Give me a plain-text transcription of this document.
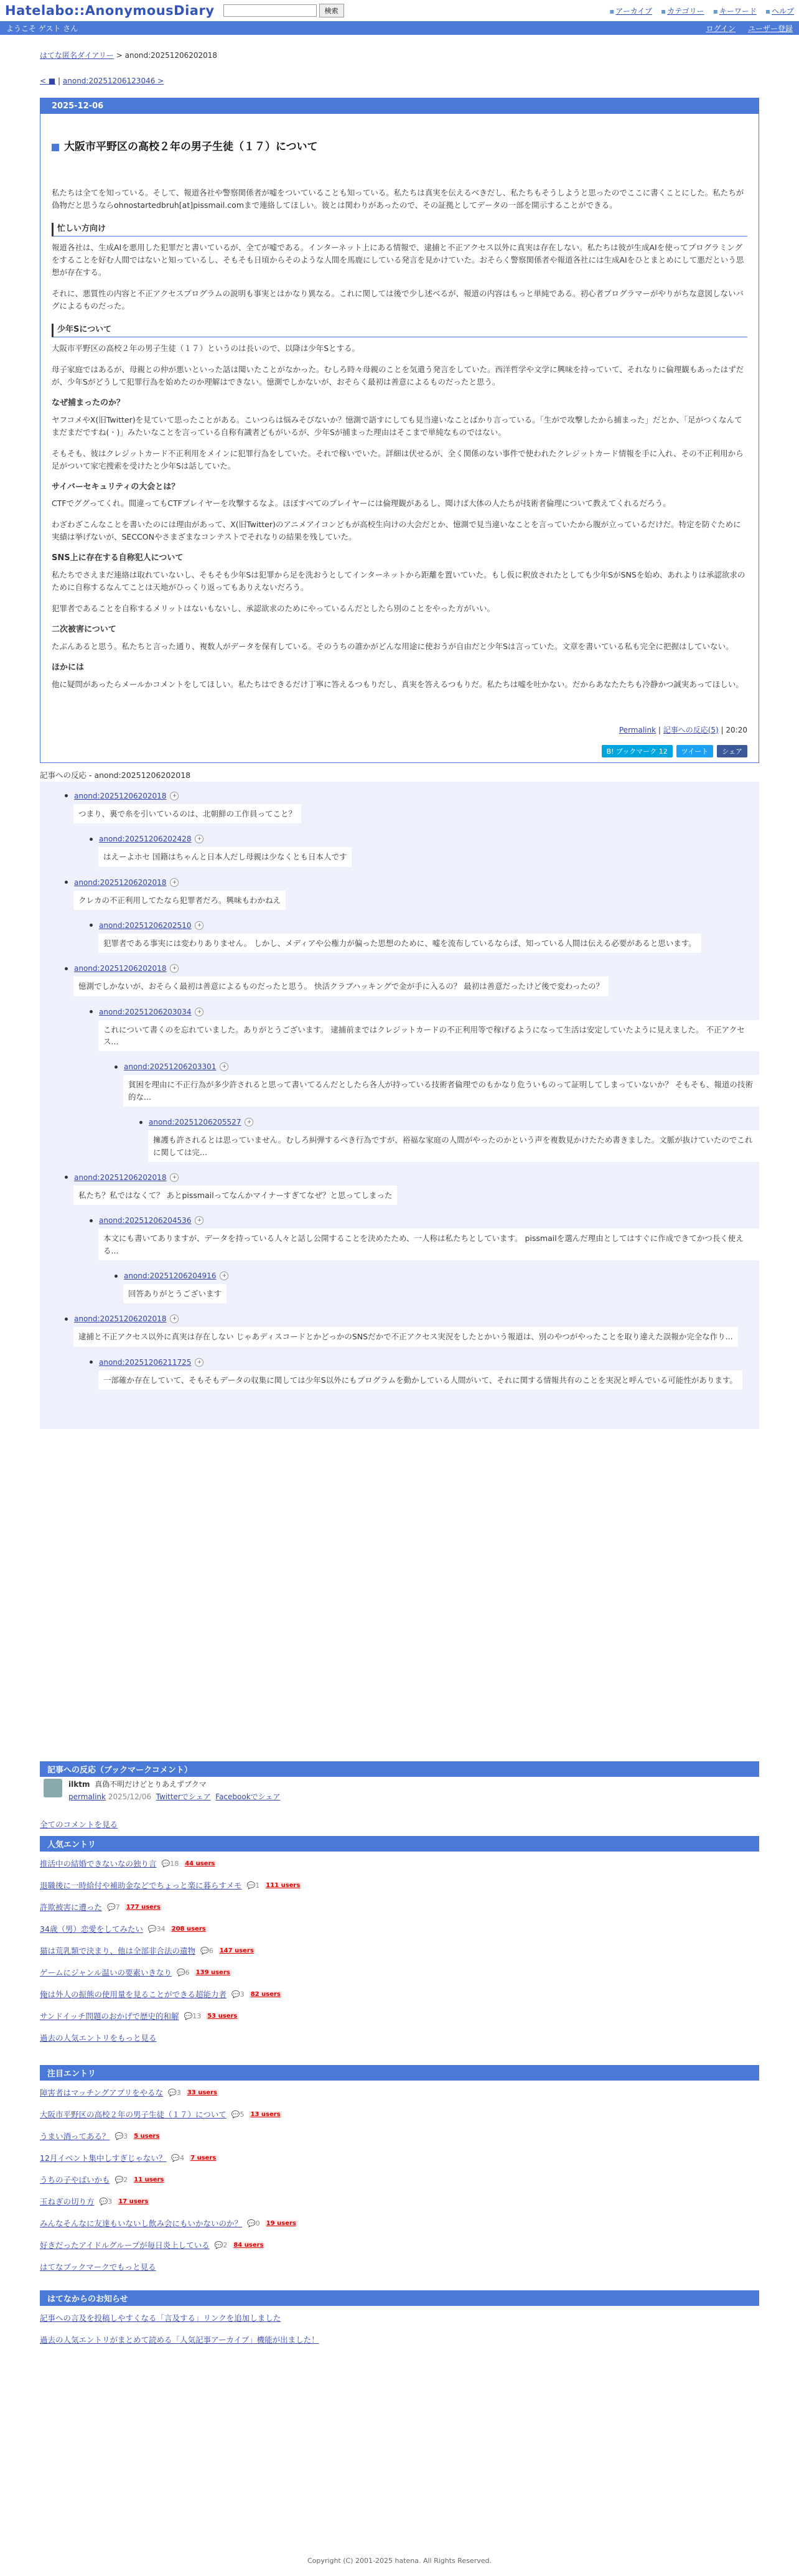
Hatelabo::AnonymousDiary	検索	▪ アーカイブ ▪ カテゴリー ▪ キーワード ▪ ヘルプ
ようこそ ゲスト さん	ログイン ユーザー登録
はてな匿名ダイアリー > anond:20251206202018
< ■ | anond:20251206123046 >
2025-12-06
大阪市平野区の高校２年の男子生徒（１７）について

私たちは全てを知っている。そして、報道各社や警察関係者が嘘をついていることも知っている。私たちは真実を伝えるべきだし、私たちもそうしようと思ったのでここに書くことにした。私たちが偽物だと思うならohnostartedbruh[at]pissmail.comまで連絡してほしい。彼とは関わりがあったので、その証拠としてデータの一部を開示することができる。

忙しい方向け

報道各社は、生成AIを悪用した犯罪だと書いているが、全てが嘘である。インターネット上にある情報で、逮捕と不正アクセス以外に真実は存在しない。私たちは彼が生成AIを使ってプログラミングをすることを好む人間ではないと知っているし、そもそも日頃からそのような人間を馬鹿にしている発言を見かけていた。おそらく警察関係者や報道各社には生成AIをひとまとめにして悪だという思想が存在する。

それに、悪質性の内容と不正アクセスプログラムの説明も事実とはかなり異なる。これに関しては後で少し述べるが、報道の内容はもっと単純である。初心者プログラマーがやりがちな意図しないバグによるものだった。

少年Sについて

大阪市平野区の高校２年の男子生徒（１７）というのは長いので、以降は少年Sとする。

母子家庭ではあるが、母親との仲が悪いといった話は聞いたことがなかった。むしろ時々母親のことを気遣う発言をしていた。西洋哲学や文学に興味を持っていて、それなりに倫理観もあったはずだが、少年Sがどうして犯罪行為を始めたのか理解はできない。憶測でしかないが、おそらく最初は善意によるものだったと思う。

なぜ捕まったのか？

ヤフコメやX(旧Twitter)を見ていて思ったことがある。こいつらは悩みそびないか？憶測で語すにしても見当違いなことばかり言っている。「生がで攻撃したから捕まった」だとか、「足がつくなんてまだまだですね(ㆍ)」みたいなことを言っている自称有識者どもがいるが、少年Sが捕まった理由はそこまで単純なものではない。

そもそも、彼はクレジットカード不正利用をメインに犯罪行為をしていた。それで稼いでいた。詳細は伏せるが、全く関係のない事件で使われたクレジットカード情報を手に入れ、その不正利用から足がついて家宅捜索を受けたと少年Sは話していた。

サイバーセキュリティの大会とは？

CTFでググってくれ。間違ってもCTFプレイヤーを攻撃するなよ。ほぼすべてのプレイヤーには倫理観があるし、聞けば大体の人たちが技術者倫理について教えてくれるだろう。

わざわざこんなことを書いたのには理由があって、X(旧Twitter)のアニメアイコンどもが高校生向けの大会だとか、憶測で見当違いなことを言っていたから腹が立っているだけだ。特定を防ぐために実績は挙げないが、SECCONやさまざまなコンテストでそれなりの結果を残していた。

SNS上に存在する自称犯人について

私たちでさえまだ連絡は取れていないし、そもそも少年Sは犯罪から足を洗おうとしてインターネットから距離を置いていた。もし仮に釈放されたとしても少年SがSNSを始め、あれよりは承認欲求のために自称するなんてことは天地がひっくり返ってもありえないだろう。

犯罪者であることを自称するメリットはないもないし、承認欲求のためにやっているんだとしたら別のことをやった方がいい。

二次被害について

たぶんあると思う。私たちと言った通り、複数人がデータを保有している。そのうちの誰かがどんな用途に使おうが自由だと少年Sは言っていた。文章を書いている私も完全に把握はしていない。

ほかには

他に疑問があったらメールかコメントをしてほしい。私たちはできるだけ丁寧に答えるつもりだし、真実を答えるつもりだ。私たちは嘘を吐かない。だからあなたたちも冷静かつ誠実あってほしい。

Permalink | 記事への反応(5) | 20:20
B! ブックマーク 12	ツイート	シェア
記事への反応 - anond:20251206202018
anond:20251206202018	+
つまり、裏で糸を引いているのは、北朝鮮の工作員ってこと？
anond:20251206202428	+
はえーよホセ 国籍はちゃんと日本人だし母親は少なくとも日本人です
anond:20251206202018	+
クレカの不正利用してたなら犯罪者だろ。興味もわかねえ
anond:20251206202510	+
犯罪者である事実には変わりありません。 しかし、メディアや公権力が偏った思想のために、嘘を流布しているならば、知っている人間は伝える必要があると思います。
anond:20251206202018	+
憶測でしかないが、おそらく最初は善意によるものだったと思う。 快活クラブハッキングで金が手に入るの？ 最初は善意だったけど後で変わったの？
anond:20251206203034	+
これについて書くのを忘れていました。ありがとうございます。 逮捕前まではクレジットカードの不正利用等で稼げるようになって生活は安定していたように見えました。 不正アクセス...
anond:20251206203301	+
貧困を理由に不正行為が多少許されると思って書いてるんだとしたら各人が持っている技術者倫理でのもかなり危ういものって証明してしまっていないか？ そもそも、報道の技術的な...
anond:20251206205527	+
擁護も許されるとは思っていません。むしろ糾弾するべき行為ですが、裕福な家庭の人間がやったのかという声を複数見かけたため書きました。文脈が抜けていたのでこれに関しては完...
anond:20251206202018	+
私たち？私ではなくて？ あとpissmailってなんかマイナーすぎてなぜ？と思ってしまった
anond:20251206204536	+
本文にも書いてありますが、データを持っている人々と話し公開することを決めたため、一人称は私たちとしています。 pissmailを選んだ理由としてはすぐに作成できてかつ長く使える...
anond:20251206204916	+
回答ありがとうございます
anond:20251206202018	+
逮捕と不正アクセス以外に真実は存在しない じゃあディスコードとかどっかのSNSだかで不正アクセス実況をしたとかいう報道は、別のやつがやったことを取り違えた誤報か完全な作り...
anond:20251206211725	+
一部確か存在していて、そもそもデータの収集に関しては少年S以外にもプログラムを動かしている人間がいて、それに関する情報共有のことを実況と呼んでいる可能性があります。
記事への反応（ブックマークコメント）
ilktm 真偽不明だけどとりあえずブクマ
permalink 2025/12/06 Twitterでシェア Facebookでシェア
全てのコメントを見る
人気エントリ
推活中の結婚できないなの独り言 💬18 44 users
退職後に一時給付や補助金などでちょっと楽に暮らすメモ 💬1 111 users
許欺被害に遭った 💬7 177 users
34歳（男）恋愛をしてみたい 💬34 208 users
猫は荒乳類で決まり、他は全部非合法の遺物 💬6 147 users
ゲームにジャンル温いの要素いきなり 💬6 139 users
俺は外人の振熊の使用量を見ることができる超能力者 💬3 82 users
サンドイッチ問題のおかげで歴史的和解 💬13 53 users
過去の人気エントリをもっと見る
注目エントリ
障害者はマッチングアプリをやるな 💬3 33 users
大阪市平野区の高校２年の男子生徒（１７）について 💬5 13 users
うまい酒ってある？ 💬3 5 users
12月イベント集中しすぎじゃない？ 💬4 7 users
うちの子やばいかも 💬2 11 users
玉ねぎの切り方 💬3 17 users
みんなそんなに友達もいないし飲み会にもいかないのか？ 💬0 19 users
好きだったアイドルグループが毎日炎上している 💬2 84 users
はてなブックマークでもっと見る
はてなからのお知らせ
記事への言及を投稿しやすくなる「言及する」リンクを追加しました
過去の人気エントリがまとめて読める「人気記事アーカイブ」機能が出ました！
Copyright (C) 2001-2025 hatena. All Rights Reserved.
